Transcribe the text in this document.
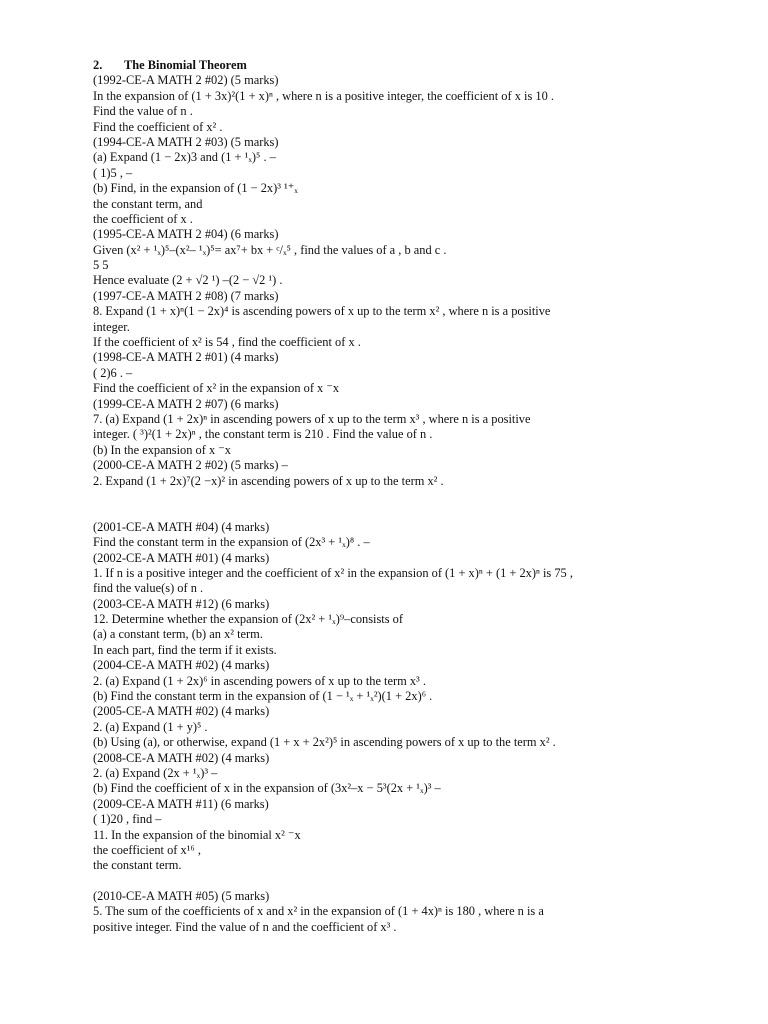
2. The Binomial Theorem
(1992-CE-A MATH 2 #02) (5 marks)
In the expansion of (1 + 3x)²(1 + x)ⁿ , where n is a positive integer, the coefficient of x is 10 .
Find the value of n .
Find the coefficient of x² .
(1994-CE-A MATH 2 #03) (5 marks)
(a) Expand (1 − 2x)3 and (1 + ¹ₓ)⁵ . –
( 1)5 , –
(b) Find, in the expansion of (1 − 2x)³ ¹⁺ₓ
the constant term, and
the coefficient of x .
(1995-CE-A MATH 2 #04) (6 marks)
Given (x² + ¹ₓ)⁵–(x²– ¹ₓ)⁵= ax⁷+ bx + ᶜ/ₓ⁵ , find the values of a , b and c .
5 5
Hence evaluate (2 + √2 ¹) –(2 − √2 ¹) .
(1997-CE-A MATH 2 #08) (7 marks)
8. Expand (1 + x)ⁿ(1 − 2x)⁴ is ascending powers of x up to the term x² , where n is a positive
integer.
If the coefficient of x² is 54 , find the coefficient of x .
(1998-CE-A MATH 2 #01) (4 marks)
( 2)6 . –
Find the coefficient of x² in the expansion of x ⁻x
(1999-CE-A MATH 2 #07) (6 marks)
7. (a) Expand (1 + 2x)ⁿ in ascending powers of x up to the term x³ , where n is a positive
integer. ( ³)²(1 + 2x)ⁿ , the constant term is 210 . Find the value of n .
(b) In the expansion of x ⁻x
(2000-CE-A MATH 2 #02) (5 marks) –
2. Expand (1 + 2x)⁷(2 −x)² in ascending powers of x up to the term x² .
(2001-CE-A MATH #04) (4 marks)
Find the constant term in the expansion of (2x³ + ¹ₓ)⁸ . –
(2002-CE-A MATH #01) (4 marks)
1. If n is a positive integer and the coefficient of x² in the expansion of (1 + x)ⁿ + (1 + 2x)ⁿ is 75 ,
find the value(s) of n .
(2003-CE-A MATH #12) (6 marks)
12. Determine whether the expansion of (2x² + ¹ₓ)⁹–consists of
(a) a constant term, (b) an x² term.
In each part, find the term if it exists.
(2004-CE-A MATH #02) (4 marks)
2. (a) Expand (1 + 2x)⁶ in ascending powers of x up to the term x³ .
(b) Find the constant term in the expansion of (1 − ¹ₓ + ¹ₓ²)(1 + 2x)⁶ .
(2005-CE-A MATH #02) (4 marks)
2. (a) Expand (1 + y)⁵ .
(b) Using (a), or otherwise, expand (1 + x + 2x²)⁵ in ascending powers of x up to the term x² .
(2008-CE-A MATH #02) (4 marks)
2. (a) Expand (2x + ¹ₓ)³ –
(b) Find the coefficient of x in the expansion of (3x²–x − 5³(2x + ¹ₓ)³ –
(2009-CE-A MATH #11) (6 marks)
( 1)20 , find –
11. In the expansion of the binomial x² ⁻x
the coefficient of x¹⁶ ,
the constant term.
(2010-CE-A MATH #05) (5 marks)
5. The sum of the coefficients of x and x² in the expansion of (1 + 4x)ⁿ is 180 , where n is a
positive integer. Find the value of n and the coefficient of x³ .
